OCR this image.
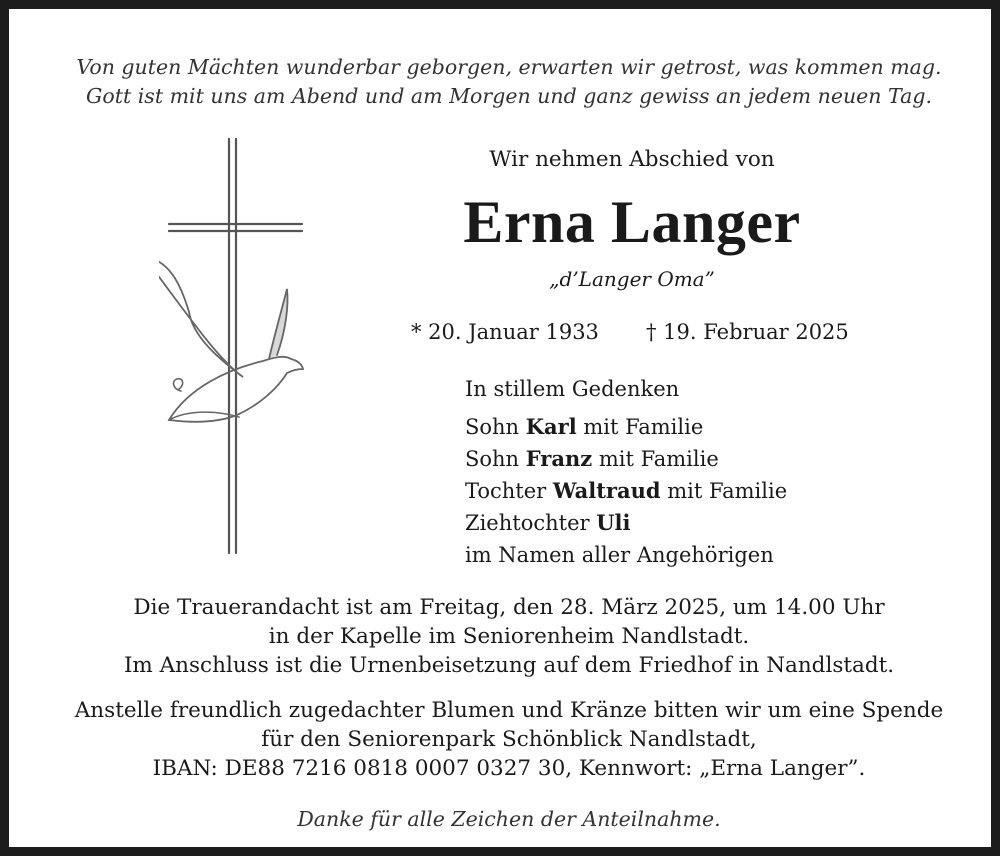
Von guten Mächten wunderbar geborgen, erwarten wir getrost, was kommen mag.
Gott ist mit uns am Abend und am Morgen und ganz gewiss an jedem neuen Tag.
Wir nehmen Abschied von
Erna Langer
„d’Langer Oma”
* 20. Januar 1933 † 19. Februar 2025
In stillem Gedenken
Sohn Karl mit Familie
Sohn Franz mit Familie
Tochter Waltraud mit Familie
Ziehtochter Uli
im Namen aller Angehörigen
Die Trauerandacht ist am Freitag, den 28. März 2025, um 14.00 Uhr
in der Kapelle im Seniorenheim Nandlstadt.
Im Anschluss ist die Urnenbeisetzung auf dem Friedhof in Nandlstadt.
Anstelle freundlich zugedachter Blumen und Kränze bitten wir um eine Spende
für den Seniorenpark Schönblick Nandlstadt,
IBAN: DE88 7216 0818 0007 0327 30, Kennwort: „Erna Langer”.
Danke für alle Zeichen der Anteilnahme.
